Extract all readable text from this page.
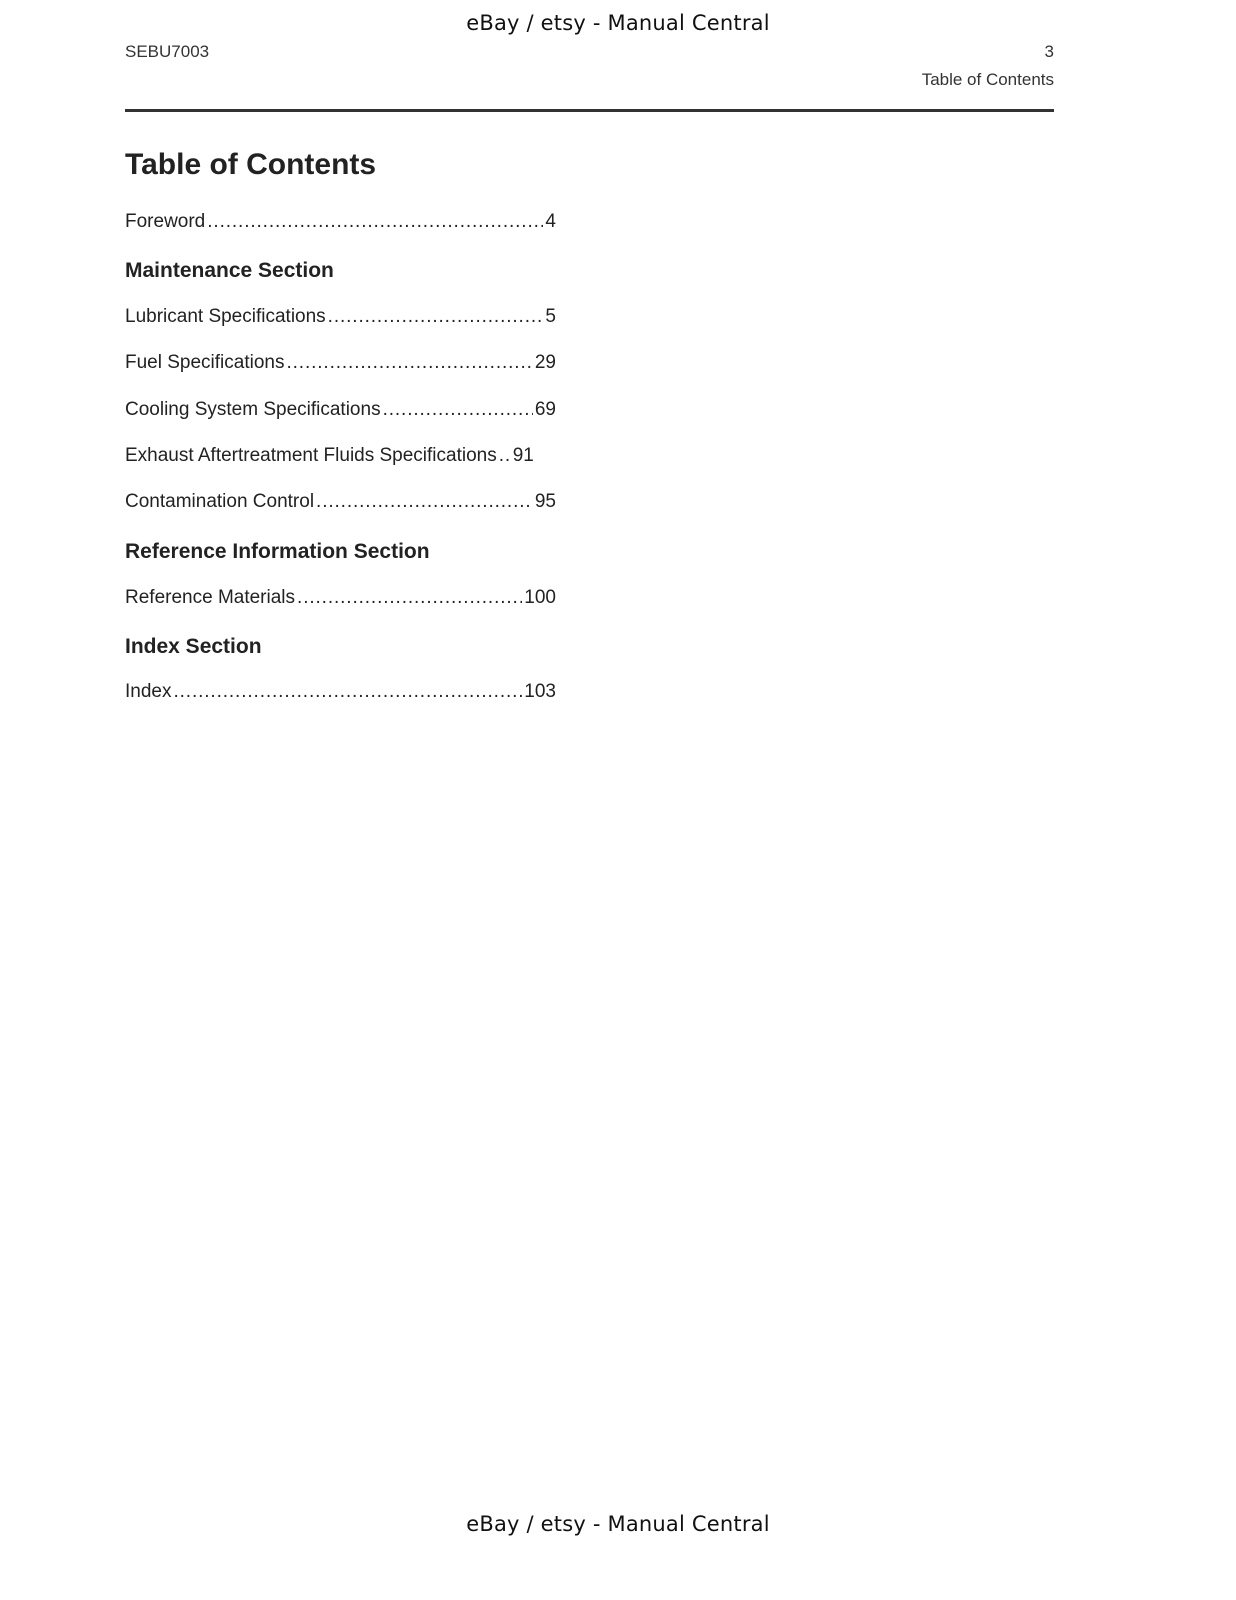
eBay / etsy - Manual Central
SEBU7003	3
Table of Contents
Table of Contents
Foreword . . .	4
Maintenance Section
Lubricant Specifications . . .	5
Fuel Specifications . . .	29
Cooling System Specifications . . .	69
Exhaust Aftertreatment Fluids Specifications . . . 91
Contamination Control . . .	95
Reference Information Section
Reference Materials . . .	100
Index Section
Index . . .	103
eBay / etsy - Manual Central
